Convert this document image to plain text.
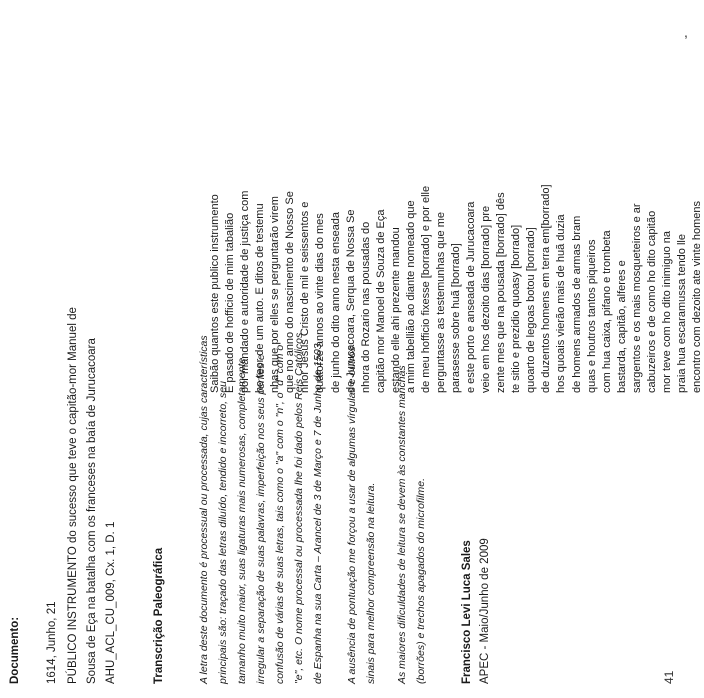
Documento: 1614, Junho, 21 PÚBLICO INSTRUMENTO do sucesso que teve o capitão-mor Manuel de Sousa de Eça na batalha com os franceses na baía de Jurucacoara AHU_ACL_CU_009, Cx. 1, D. 1	Transcrição Paleográfica	A letra deste documento é processual ou processada, cujas características principais são: traçado das letras diluído, tendido e incorreto, seu tamanho muito maior, suas ligaturas mais numerosas, completamente irregular a separação de suas palavras, imperfeição nos seus perfies e confusão de várias de suas letras, tais como o "a" com o "n", o "d" com o "e", etc. O nome processal ou processada lhe foi dado pelos Reis Católicos de Espanha na sua Carta – Arancel de 3 de Março e 7 de Junho de 1503. A ausência de pontuação me forçou a usar de algumas vírgulas e outros sinais para melhor compreensão na leitura. As maiores dificuldades de leitura se devem às constantes manchas (borrões) e trechos apagados do microfilme.	Francisco Levi Luca Sales APEC - Maio/Junho de 2009	41
Saibão quantos este publico instrumento E pasado de hofficio de mim tabalião por mandado e autoridade de justiça com ho teor de um auto. E ditos de testemu nhas que por elles se perguntarão virem que no anno do nascimento de Nosso Se nhor Jesus Cristo de mil e seissentos e quatorze annos ao vinte dias do mes de junho do dito anno nesta enseada de Jurucacoara, Serqua de Nossa Se nhora do Rozario nas pousadas do capitão mor Manoel de Souza de Eça estando elle ahi prezente mandou a mim tabellião ao diante nomeado que de meu hofficio fixesse [borrado] e por elle perguntasse as testemunhas que me parasesse sobre huã [borrado] e este porto e anseada de Jurucacoara veio em hos dezoito dias [borrado] pre zente mes que na pousada [borrado] dês te sitio e prezidio quoasy [borrado] quoarto de legoas botou [borrado] de duzentos homens em terra em[borrado] hos quoais vierão mais de huã duzia de homens armados de armas bram quas e houtros tantos piqueiros com hua caixa, pifano e trombeta bastarda, capitão, alferes e sargentos e os mais mosqueteiros e ar cabuzeiros e de como ho dito capitão mor teve com ho dito inimiguo na praia hua escaramussa tendo lle encontro com dezoito ate vinte homens
,
